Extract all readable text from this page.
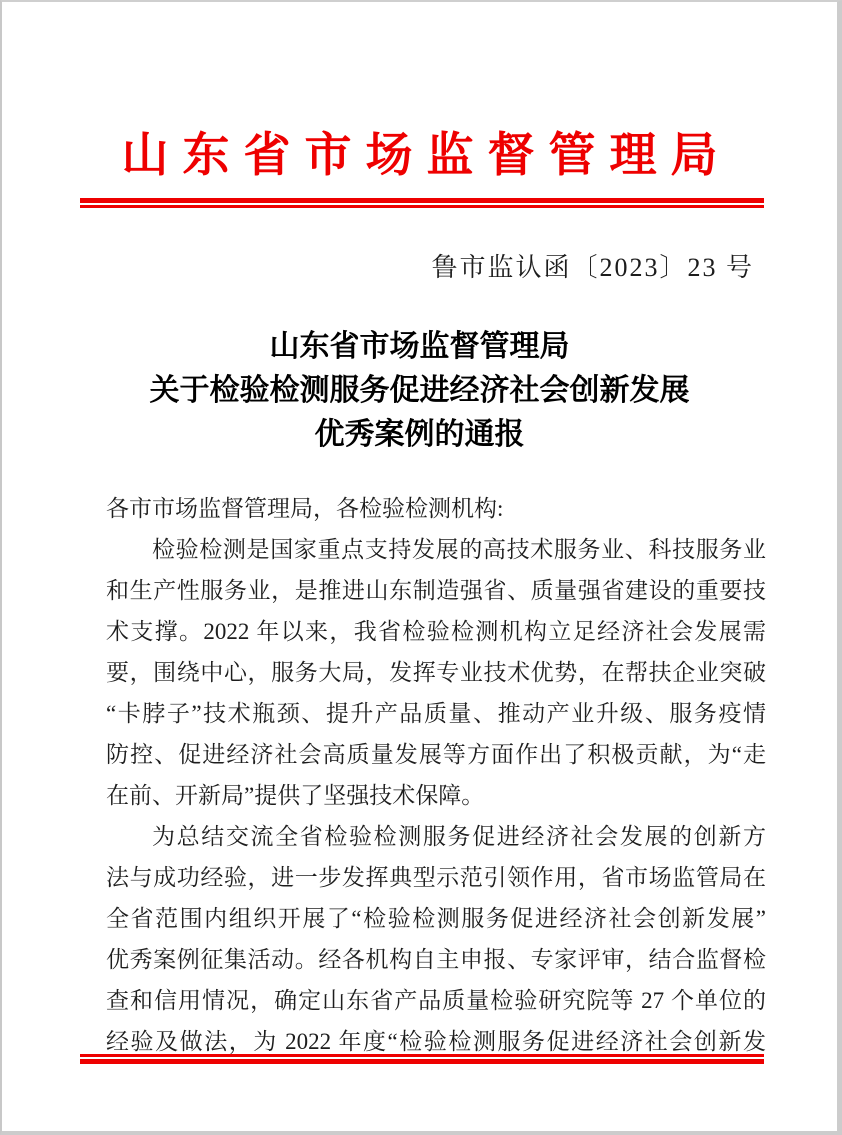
山东省市场监督管理局
鲁市监认函〔2023〕23 号
山东省市场监督管理局
关于检验检测服务促进经济社会创新发展
优秀案例的通报
各市市场监督管理局，各检验检测机构:
检验检测是国家重点支持发展的高技术服务业、科技服务业
和生产性服务业，是推进山东制造强省、质量强省建设的重要技
术支撑。2022 年以来，我省检验检测机构立足经济社会发展需
要，围绕中心，服务大局，发挥专业技术优势，在帮扶企业突破
“卡脖子”技术瓶颈、提升产品质量、推动产业升级、服务疫情
防控、促进经济社会高质量发展等方面作出了积极贡献，为“走
在前、开新局”提供了坚强技术保障。
为总结交流全省检验检测服务促进经济社会发展的创新方
法与成功经验，进一步发挥典型示范引领作用，省市场监管局在
全省范围内组织开展了“检验检测服务促进经济社会创新发展”
优秀案例征集活动。经各机构自主申报、专家评审，结合监督检
查和信用情况，确定山东省产品质量检验研究院等 27 个单位的
经验及做法，为 2022 年度“检验检测服务促进经济社会创新发
